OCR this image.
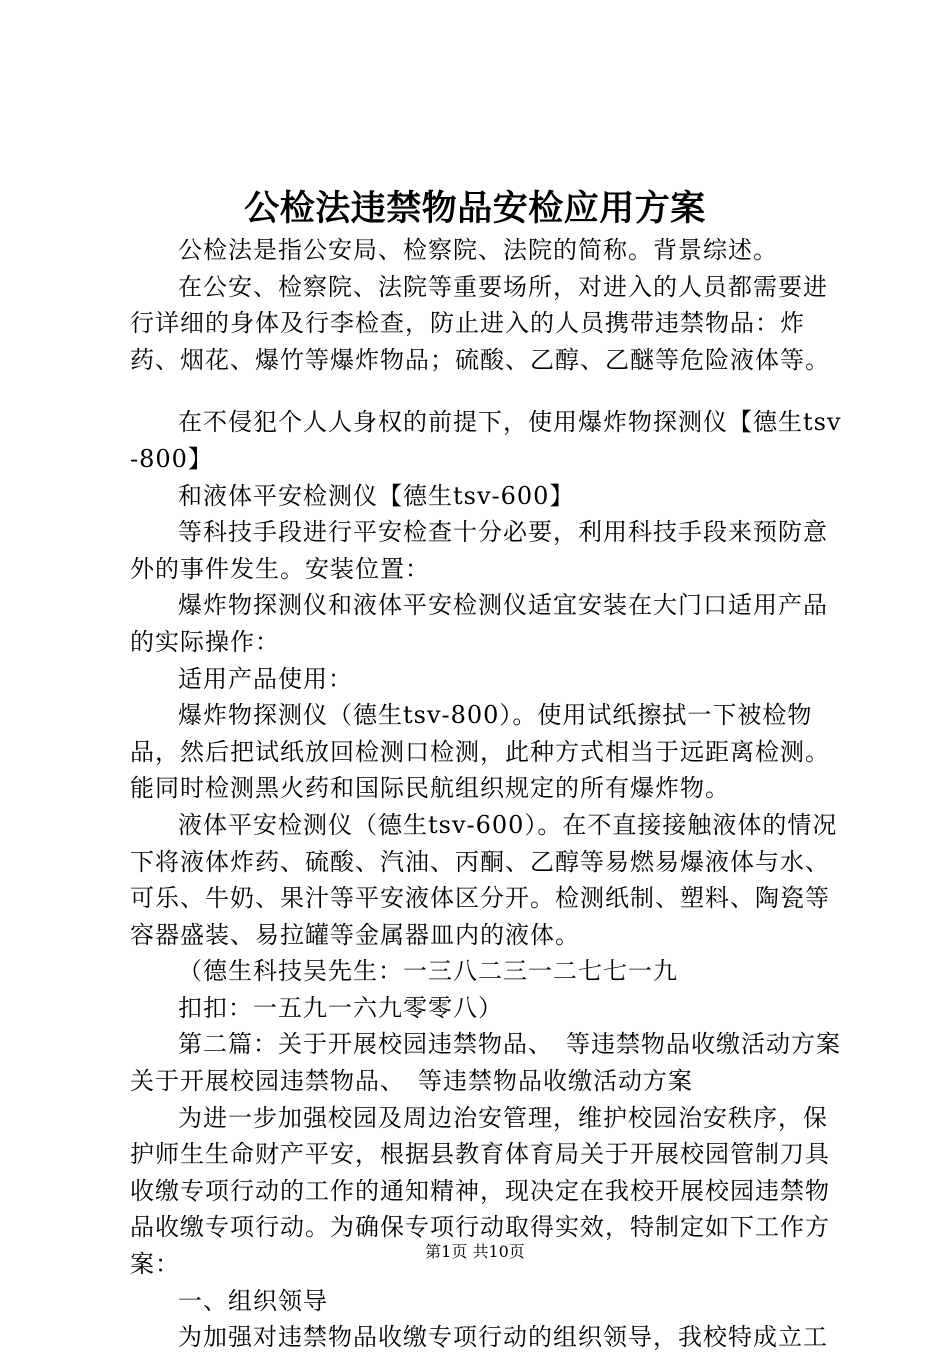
公检法违禁物品安检应用方案

公检法是指公安局、检察院、法院的简称。背景综述。

在公安、检察院、法院等重要场所，对进入的人员都需要进行详细的身体及行李检查，防止进入的人员携带违禁物品：炸药、烟花、爆竹等爆炸物品；硫酸、乙醇、乙醚等危险液体等。

在不侵犯个人人身权的前提下，使用爆炸物探测仪【德生tsv-800】

和液体平安检测仪【德生tsv-600】

等科技手段进行平安检查十分必要，利用科技手段来预防意外的事件发生。安装位置：

爆炸物探测仪和液体平安检测仪适宜安装在大门口适用产品的实际操作：

适用产品使用：

爆炸物探测仪（德生tsv-800）。使用试纸擦拭一下被检物品，然后把试纸放回检测口检测，此种方式相当于远距离检测。能同时检测黑火药和国际民航组织规定的所有爆炸物。

液体平安检测仪（德生tsv-600）。在不直接接触液体的情况下将液体炸药、硫酸、汽油、丙酮、乙醇等易燃易爆液体与水、可乐、牛奶、果汁等平安液体区分开。检测纸制、塑料、陶瓷等容器盛装、易拉罐等金属器皿内的液体。

（德生科技吴先生：一三八二三一二七七一九

扣扣：一五九一六九零零八）

第二篇：关于开展校园违禁物品、　等违禁物品收缴活动方案关于开展校园违禁物品、　等违禁物品收缴活动方案

为进一步加强校园及周边治安管理，维护校园治安秩序，保护师生生命财产平安，根据县教育体育局关于开展校园管制刀具收缴专项行动的工作的通知精神，现决定在我校开展校园违禁物品收缴专项行动。为确保专项行动取得实效，特制定如下工作方案：

一、组织领导

为加强对违禁物品收缴专项行动的组织领导，我校特成立工

第1页 共10页
